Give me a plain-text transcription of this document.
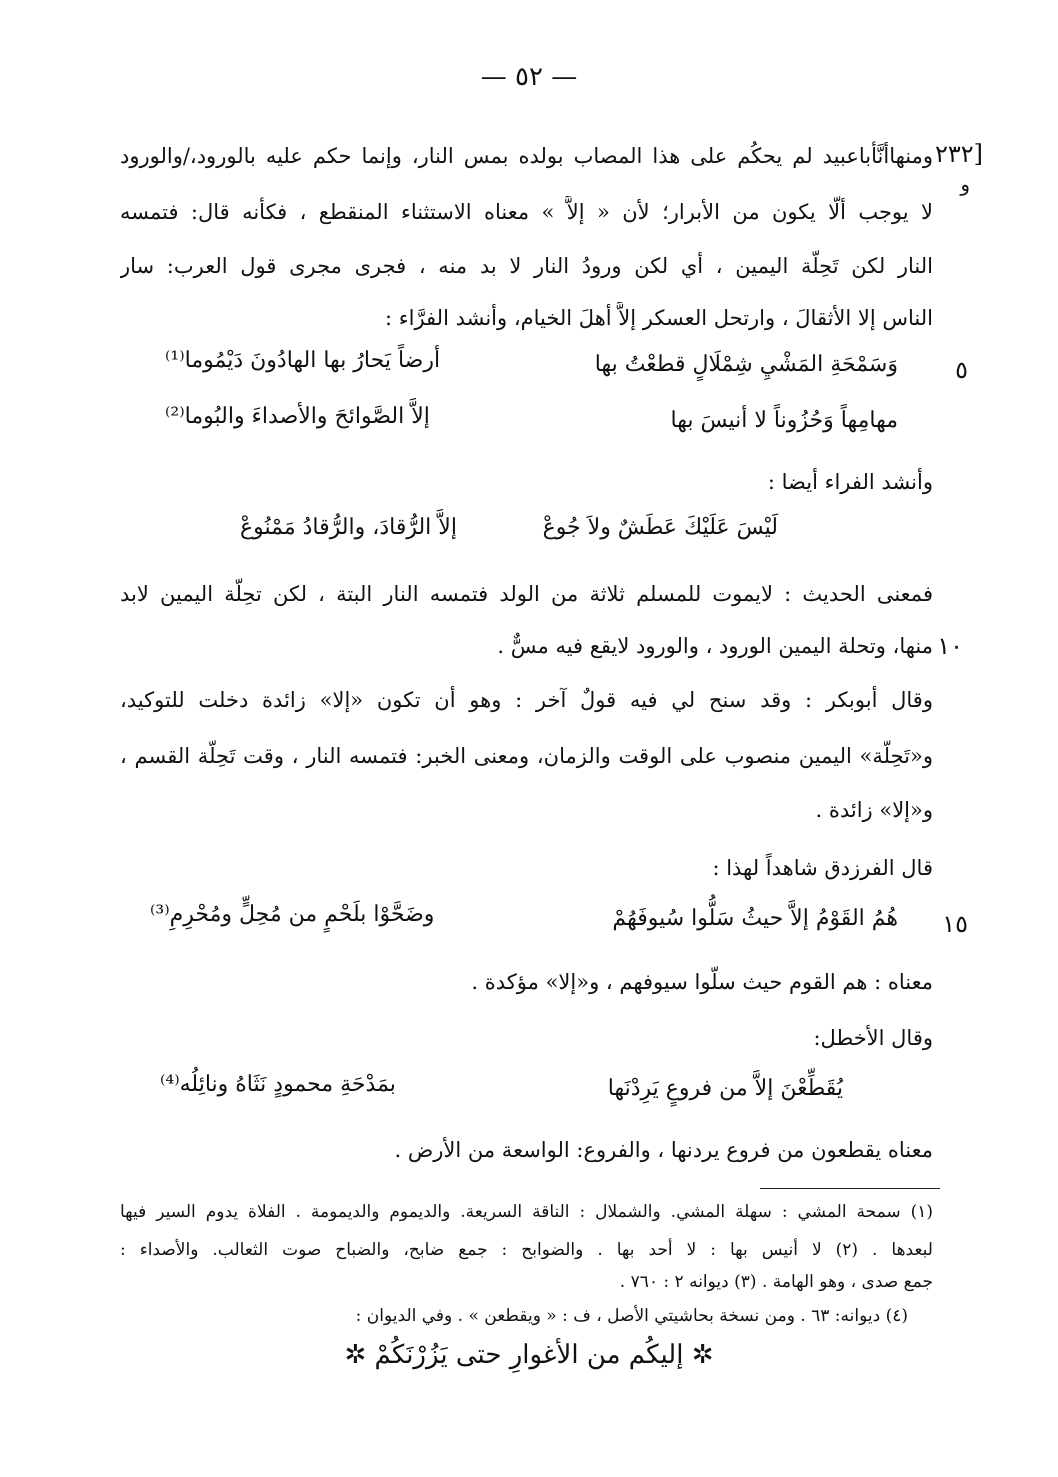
— ٥٢ —
[٢٣٢
و
ومنهاأنَّأباعبيد لم يحكُم على هذا المصاب بولده بمس النار، وإنما حكم عليه بالورود،/والورود
لا يوجب ألَّا يكون من الأبرار؛ لأن « إلاَّ » معناه الاستثناء المنقطع ، فكأنه قال: فتمسه
النار لكن تَحِلَّة اليمين ، أي لكن ورودُ النار لا بد منه ، فجرى مجرى قول العرب: سار
الناس إلا الأثقالَ ، وارتحل العسكر إلاَّ أهلَ الخيام، وأنشد الفرَّاء :
٥
وَسَمْحَةِ المَشْيِ شِمْلَالٍ قطعْتُ بها
أرضاً يَحارُ بها الهادُونَ دَيْمُوما⁽¹⁾
مهامِهاً وَحُزُوناً لا أنيسَ بها
إلاَّ الصَّوائحَ والأصداءَ والبُوما⁽²⁾
وأنشد الفراء أيضا :
لَيْسَ عَلَيْكَ عَطَشٌ ولاَ جُوعْ
إلاَّ الرُّقادَ، والرُّقادُ مَمْنُوعْ
فمعنى الحديث : لايموت للمسلم ثلاثة من الولد فتمسه النار البتة ، لكن تحِلَّة اليمين لابد
١٠
منها، وتحلة اليمين الورود ، والورود لايقع فيه مسٌّ .
وقال أبوبكر : وقد سنح لي فيه قولٌ آخر : وهو أن تكون «إلا» زائدة دخلت للتوكيد،
و«تَحِلَّة» اليمين منصوب على الوقت والزمان، ومعنى الخبر: فتمسه النار ، وقت تَحِلَّة القسم ،
و«إلا» زائدة .
قال الفرزدق شاهداً لهذا :
١٥
هُمُ القَوْمُ إلاَّ حيثُ سَلُّوا سُيوفَهُمْ
وضَحَّوْا بلَحْمٍ من مُحِلٍّ ومُحْرِمِ⁽³⁾
معناه : هم القوم حيث سلُّوا سيوفهم ، و«إلا» مؤكدة .
وقال الأخطل:
يُقَطِّعْنَ إلاَّ من فروعٍ يَرِدْنَها
بمَدْحَةِ محمودٍ نَثَاهُ ونائِلُه⁽⁴⁾
معناه يقطعون من فروع يردنها ، والفروع: الواسعة من الأرض .
(١) سمحة المشي : سهلة المشي. والشملال : الناقة السريعة. والديموم والديمومة . الفلاة يدوم السير فيها
لبعدها . (٢) لا أنيس بها : لا أحد بها . والضوابح : جمع ضابح، والضباح صوت الثعالب. والأصداء :
جمع صدى ، وهو الهامة . (٣) ديوانه ٢ : ٧٦٠ .
(٤) ديوانه: ٦٣ . ومن نسخة بحاشيتي الأصل ، ف : « ويقطعن » . وفي الديوان :
✲ إليكُم من الأغوارِ حتى يَزُرْنَكُمْ ✲
